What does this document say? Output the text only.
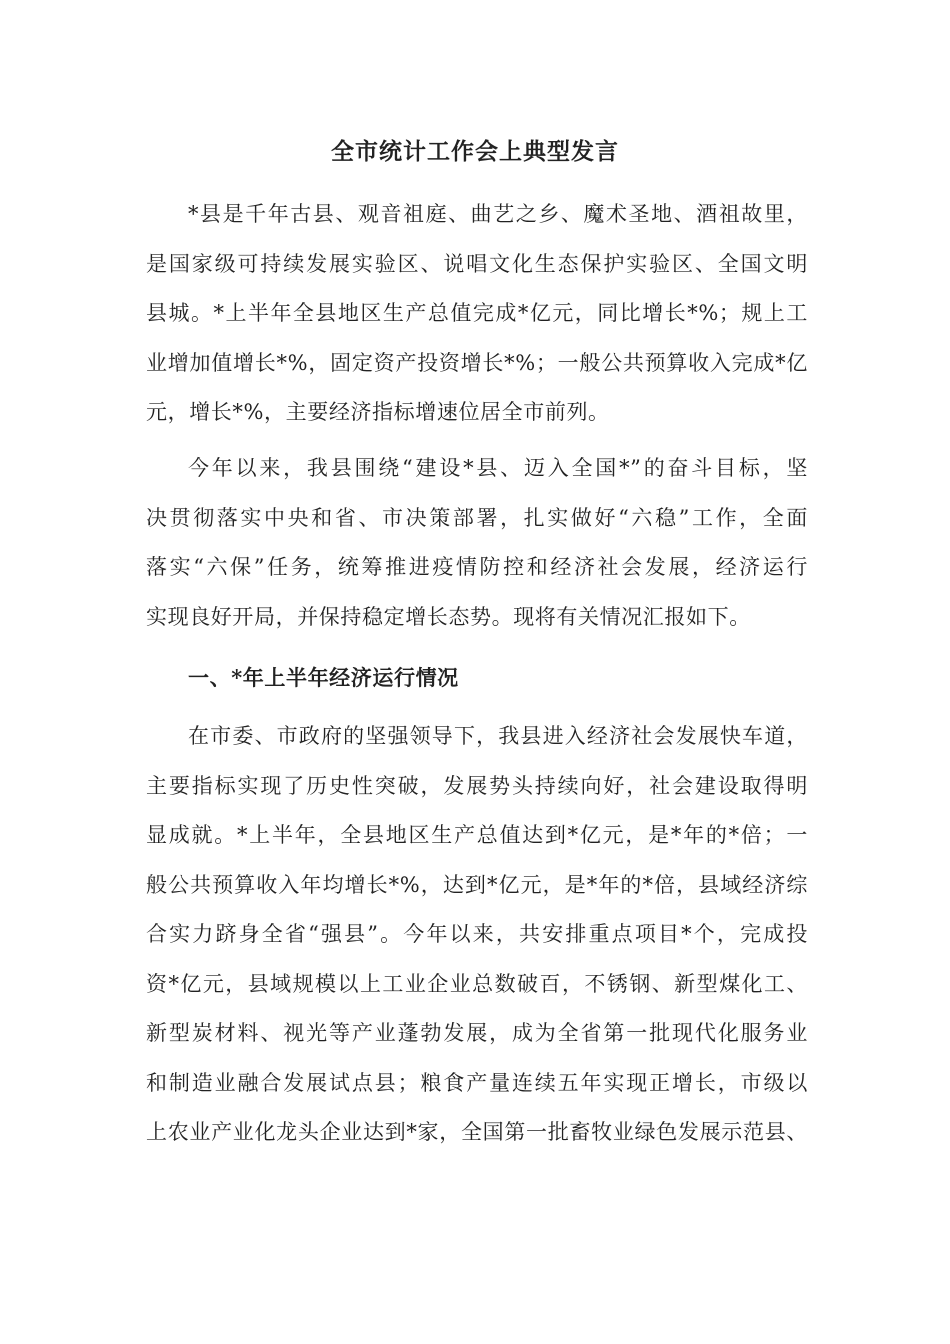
全市统计工作会上典型发言
*县是千年古县、观音祖庭、曲艺之乡、魔术圣地、酒祖故里，
是国家级可持续发展实验区、说唱文化生态保护实验区、全国文明
县城。*上半年全县地区生产总值完成*亿元，同比增长*%；规上工
业增加值增长*%，固定资产投资增长*%；一般公共预算收入完成*亿
元，增长*%，主要经济指标增速位居全市前列。
今年以来，我县围绕“建设*县、迈入全国*”的奋斗目标，坚
决贯彻落实中央和省、市决策部署，扎实做好“六稳”工作，全面
落实“六保”任务，统筹推进疫情防控和经济社会发展，经济运行
实现良好开局，并保持稳定增长态势。现将有关情况汇报如下。
一、*年上半年经济运行情况
在市委、市政府的坚强领导下，我县进入经济社会发展快车道，
主要指标实现了历史性突破，发展势头持续向好，社会建设取得明
显成就。*上半年，全县地区生产总值达到*亿元，是*年的*倍；一
般公共预算收入年均增长*%，达到*亿元，是*年的*倍，县域经济综
合实力跻身全省“强县”。今年以来，共安排重点项目*个，完成投
资*亿元，县域规模以上工业企业总数破百，不锈钢、新型煤化工、
新型炭材料、视光等产业蓬勃发展，成为全省第一批现代化服务业
和制造业融合发展试点县；粮食产量连续五年实现正增长，市级以
上农业产业化龙头企业达到*家，全国第一批畜牧业绿色发展示范县、
